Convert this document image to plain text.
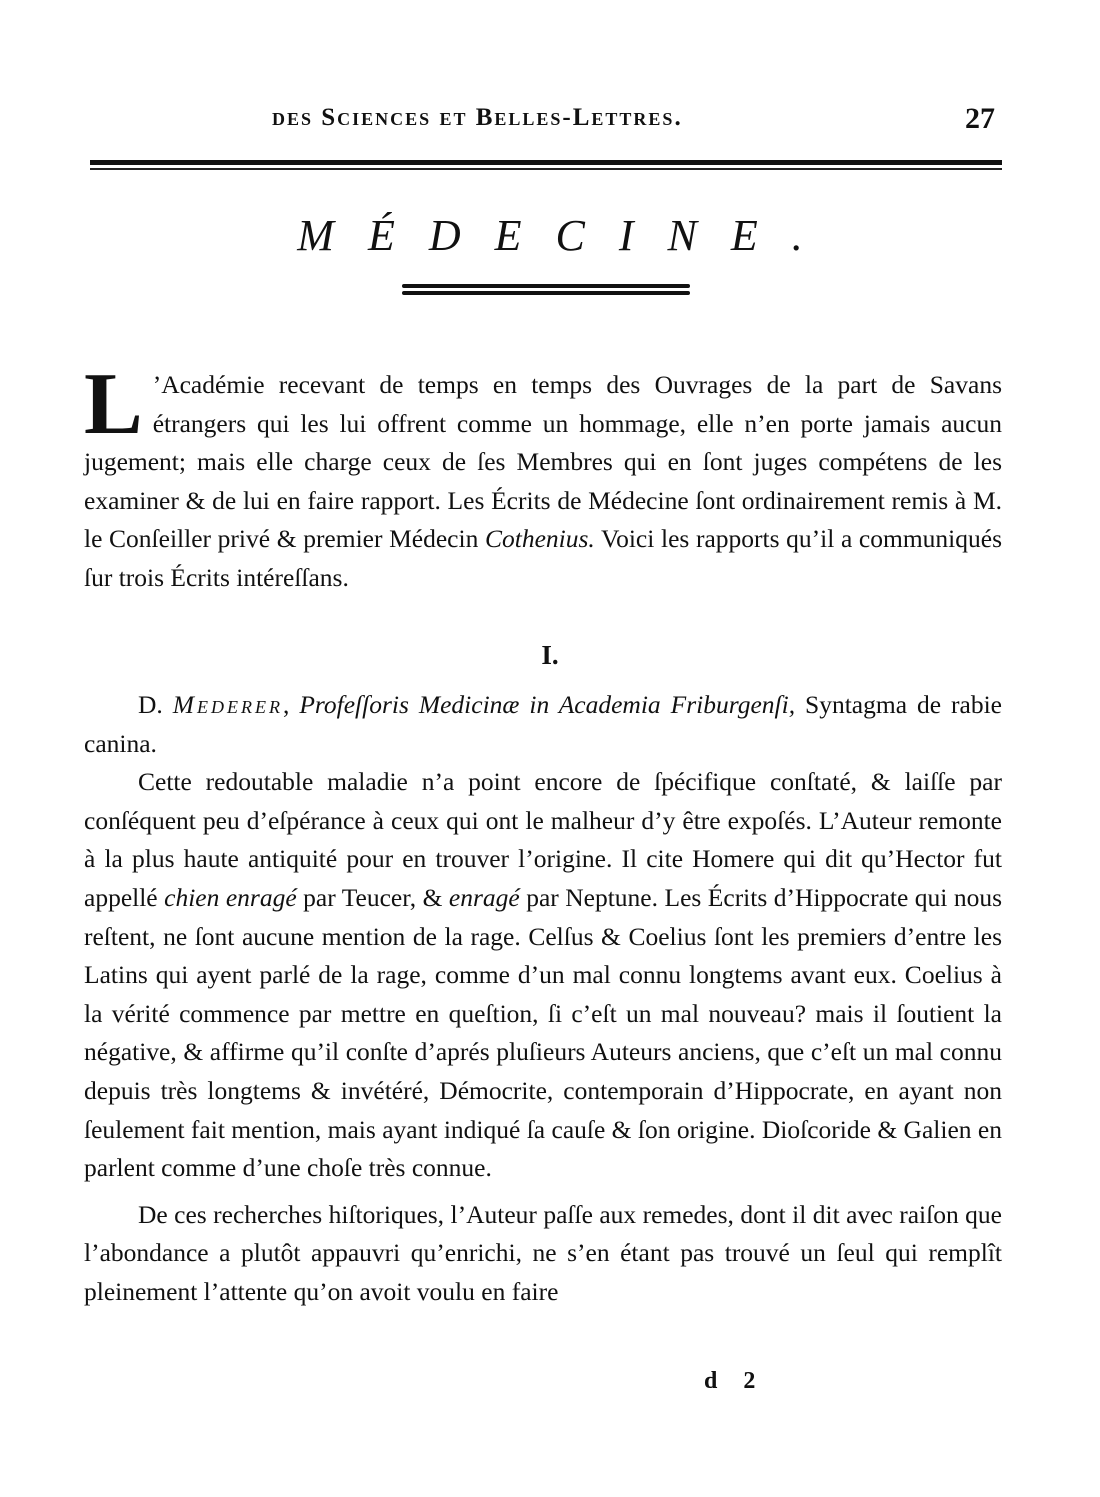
des Sciences et Belles-Lettres.	27
MÉDECINE.
L ’Académie recevant de temps en temps des Ouvrages de la part de Savans étrangers qui les lui offrent comme un hommage, elle n’en porte jamais aucun jugement; mais elle charge ceux de ſes Membres qui en ſont juges compétens de les examiner & de lui en faire rapport. Les Écrits de Médecine ſont ordinairement remis à M. le Conſeiller privé & premier Médecin Cothenius. Voici les rapports qu’il a communiqués ſur trois Écrits intéreſſans.
I.

D. Mederer, Profeſſoris Medicinæ in Academia Friburgenſi, Syntagma de rabie canina.

Cette redoutable maladie n’a point encore de ſpécifique conſtaté, & laiſſe par conſéquent peu d’eſpérance à ceux qui ont le malheur d’y être expoſés. L’Auteur remonte à la plus haute antiquité pour en trouver l’origine. Il cite Homere qui dit qu’Hector fut appellé chien enragé par Teucer, & enragé par Neptune. Les Écrits d’Hippocrate qui nous reſtent, ne ſont aucune mention de la rage. Celſus & Coelius ſont les premiers d’entre les Latins qui ayent parlé de la rage, comme d’un mal connu longtems avant eux. Coelius à la vérité commence par mettre en queſtion, ſi c’eſt un mal nouveau? mais il ſoutient la négative, & affirme qu’il conſte d’aprés pluſieurs Auteurs anciens, que c’eſt un mal connu depuis très longtems & invétéré, Démocrite, contemporain d’Hippocrate, en ayant non ſeulement fait mention, mais ayant indiqué ſa cauſe & ſon origine. Dioſcoride & Galien en parlent comme d’une choſe très connue.

De ces recherches hiſtoriques, l’Auteur paſſe aux remedes, dont il dit avec raiſon que l’abondance a plutôt appauvri qu’enrichi, ne s’en étant pas trouvé un ſeul qui remplît pleinement l’attente qu’on avoit voulu en faire

d 2
